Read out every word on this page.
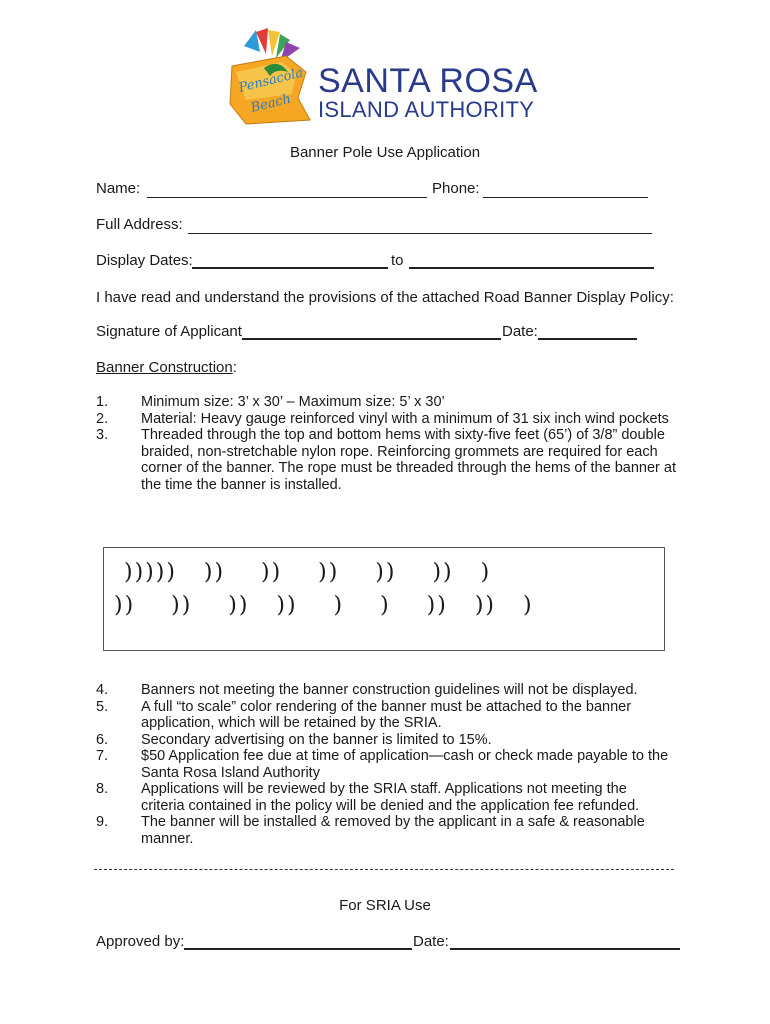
Pensacola
Beach
SANTA ROSA
ISLAND AUTHORITY
Banner Pole Use Application
Name:	Phone:
Full Address:
Display Dates:	to
I have read and understand the provisions of the attached Road Banner Display Policy:
Signature of Applicant	Date:
Banner Construction:
1. Minimum size: 3’ x 30’ – Maximum size: 5’ x 30’
2. Material: Heavy gauge reinforced vinyl with a minimum of 31 six inch wind pockets
3. Threaded through the top and bottom hems with sixty-five feet (65’) of 3/8” double braided, non-stretchable nylon rope. Reinforcing grommets are required for each corner of the banner. The rope must be threaded through the hems of the banner at the time the banner is installed.
)))))   ))    ))    ))    ))    ))   )
))    ))    ))   ))    )    )    ))   ))   )
4. Banners not meeting the banner construction guidelines will not be displayed.
5. A full “to scale” color rendering of the banner must be attached to the banner application, which will be retained by the SRIA.
6. Secondary advertising on the banner is limited to 15%.
7. $50 Application fee due at time of application—cash or check made payable to the Santa Rosa Island Authority
8. Applications will be reviewed by the SRIA staff. Applications not meeting the criteria contained in the policy will be denied and the application fee refunded.
9. The banner will be installed & removed by the applicant in a safe & reasonable manner.
For SRIA Use
Approved by:	Date:
